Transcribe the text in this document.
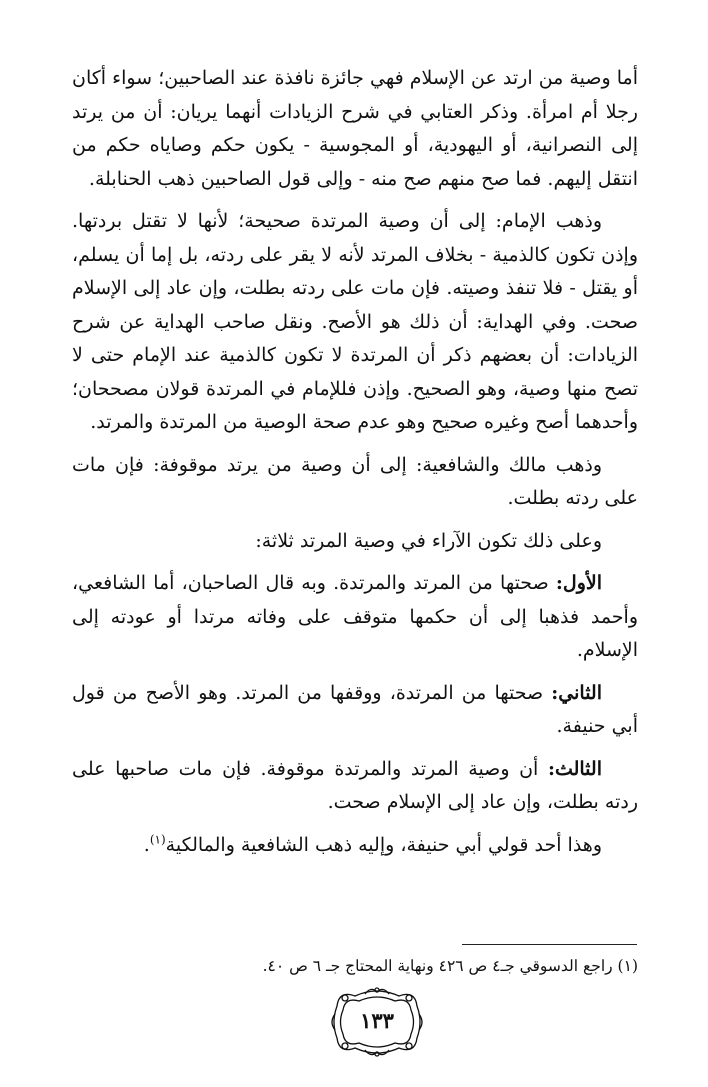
أما وصية من ارتد عن الإسلام فهي جائزة نافذة عند الصاحبين؛ سواء أكان رجلا أم امرأة. وذكر العتابي في شرح الزيادات أنهما يريان: أن من يرتد إلى النصرانية، أو اليهودية، أو المجوسية - يكون حكم وصاياه حكم من انتقل إليهم. فما صح منهم صح منه - وإلى قول الصاحبين ذهب الحنابلة.

وذهب الإمام: إلى أن وصية المرتدة صحيحة؛ لأنها لا تقتل بردتها. وإذن تكون كالذمية - بخلاف المرتد لأنه لا يقر على ردته، بل إما أن يسلم، أو يقتل - فلا تنفذ وصيته. فإن مات على ردته بطلت، وإن عاد إلى الإسلام صحت. وفي الهداية: أن ذلك هو الأصح. ونقل صاحب الهداية عن شرح الزيادات: أن بعضهم ذكر أن المرتدة لا تكون كالذمية عند الإمام حتى لا تصح منها وصية، وهو الصحيح. وإذن فللإمام في المرتدة قولان مصححان؛ وأحدهما أصح وغيره صحيح وهو عدم صحة الوصية من المرتدة والمرتد.

وذهب مالك والشافعية: إلى أن وصية من يرتد موقوفة: فإن مات على ردته بطلت.

وعلى ذلك تكون الآراء في وصية المرتد ثلاثة:

الأول: صحتها من المرتد والمرتدة. وبه قال الصاحبان، أما الشافعي، وأحمد فذهبا إلى أن حكمها متوقف على وفاته مرتدا أو عودته إلى الإسلام.

الثاني: صحتها من المرتدة، ووقفها من المرتد. وهو الأصح من قول أبي حنيفة.

الثالث: أن وصية المرتد والمرتدة موقوفة. فإن مات صاحبها على ردته بطلت، وإن عاد إلى الإسلام صحت.

وهذا أحد قولي أبي حنيفة، وإليه ذهب الشافعية والمالكية$^{(١)}$.

(١) راجع الدسوقي جـ٤ ص ٤٢٦ ونهاية المحتاج جـ ٦ ص ٤٠.
١٣٣
